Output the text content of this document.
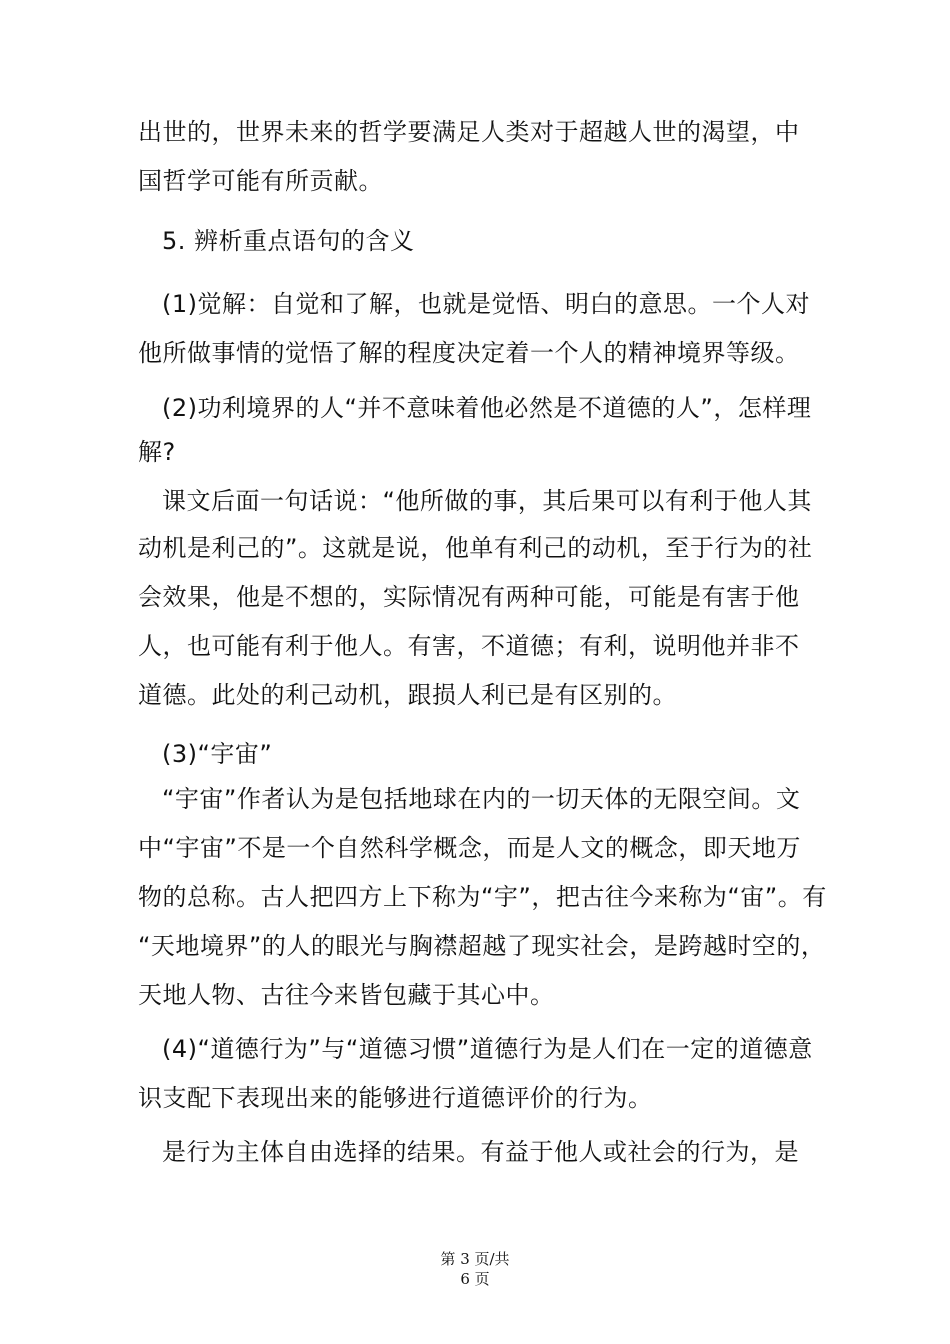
出世的，世界未来的哲学要满足人类对于超越人世的渴望，中
国哲学可能有所贡献。
5. 辨析重点语句的含义
(1)觉解：自觉和了解，也就是觉悟、明白的意思。一个人对
他所做事情的觉悟了解的程度决定着一个人的精神境界等级。
(2)功利境界的人“并不意味着他必然是不道德的人”，怎样理
解?
课文后面一句话说：“他所做的事，其后果可以有利于他人其
动机是利己的”。这就是说，他单有利己的动机，至于行为的社
会效果，他是不想的，实际情况有两种可能，可能是有害于他
人，也可能有利于他人。有害，不道德；有利，说明他并非不
道德。此处的利己动机，跟损人利已是有区别的。
(3)“宇宙”
“宇宙”作者认为是包括地球在内的一切天体的无限空间。文
中“宇宙”不是一个自然科学概念，而是人文的概念，即天地万
物的总称。古人把四方上下称为“宇”，把古往今来称为“宙”。有
“天地境界”的人的眼光与胸襟超越了现实社会，是跨越时空的，
天地人物、古往今来皆包藏于其心中。
(4)“道德行为”与“道德习惯”道德行为是人们在一定的道德意
识支配下表现出来的能够进行道德评价的行为。
是行为主体自由选择的结果。有益于他人或社会的行为，是
第 3 页/共
6 页
